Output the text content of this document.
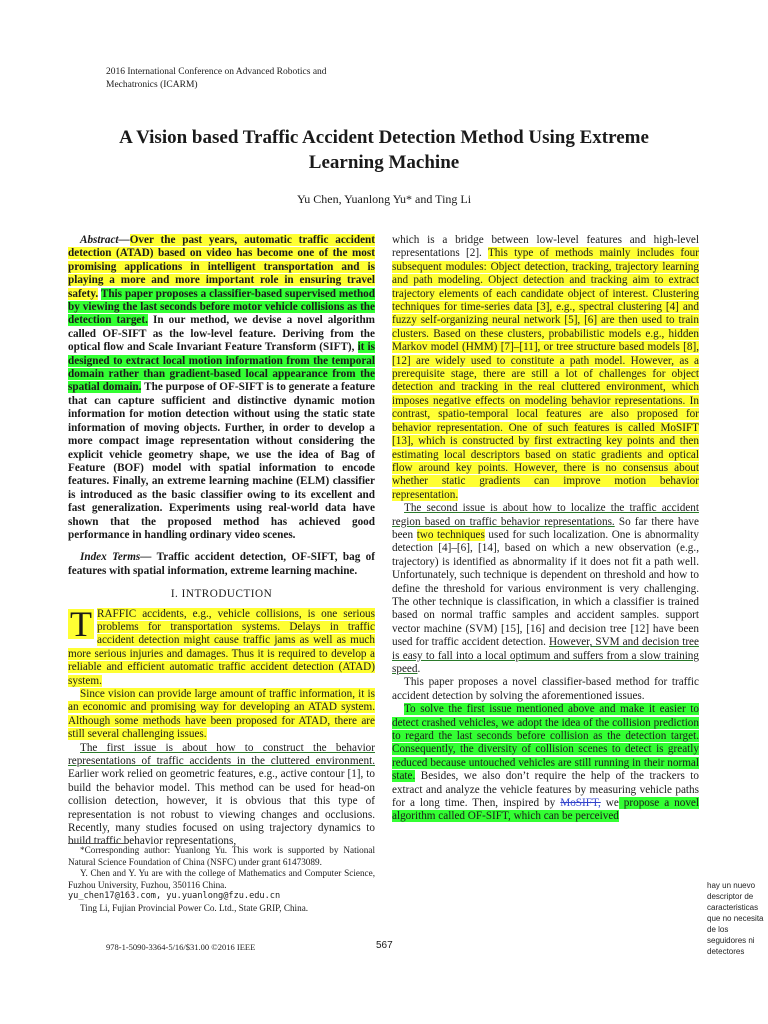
2016 International Conference on Advanced Robotics and
Mechatronics (ICARM)
A Vision based Traffic Accident Detection Method Using Extreme
Learning Machine
Yu Chen, Yuanlong Yu* and Ting Li

Abstract—Over the past years, automatic traffic accident detection (ATAD) based on video has become one of the most promising applications in intelligent transportation and is playing a more and more important role in ensuring travel safety. This paper proposes a classifier-based supervised method by viewing the last seconds before motor vehicle collisions as the detection target. In our method, we devise a novel algorithm called OF-SIFT as the low-level feature. Deriving from the optical flow and Scale Invariant Feature Transform (SIFT), it is designed to extract local motion information from the temporal domain rather than gradient-based local appearance from the spatial domain. The purpose of OF-SIFT is to generate a feature that can capture sufficient and distinctive dynamic motion information for motion detection without using the static state information of moving objects. Further, in order to develop a more compact image representation without considering the explicit vehicle geometry shape, we use the idea of Bag of Feature (BOF) model with spatial information to encode features. Finally, an extreme learning machine (ELM) classifier is introduced as the basic classifier owing to its excellent and fast generalization. Experiments using real-world data have shown that the proposed method has achieved good performance in handling ordinary video scenes.

Index Terms— Traffic accident detection, OF-SIFT, bag of features with spatial information, extreme learning machine.

I. INTRODUCTION

T RAFFIC accidents, e.g., vehicle collisions, is one serious problems for transportation systems. Delays in traffic accident detection might cause traffic jams as well as much more serious injuries and damages. Thus it is required to develop a reliable and efficient automatic traffic accident detection (ATAD) system.

Since vision can provide large amount of traffic information, it is an economic and promising way for developing an ATAD system. Although some methods have been proposed for ATAD, there are still several challenging issues.

The first issue is about how to construct the behavior representations of traffic accidents in the cluttered environment. Earlier work relied on geometric features, e.g., active contour [1], to build the behavior model. This method can be used for head-on collision detection, however, it is obvious that this type of representation is not robust to viewing changes and occlusions. Recently, many studies focused on using trajectory dynamics to build traffic behavior representations,

*Corresponding author: Yuanlong Yu. This work is supported by National Natural Science Foundation of China (NSFC) under grant 61473089.

Y. Chen and Y. Yu are with the college of Mathematics and Computer Science, Fuzhou University, Fuzhou, 350116 China.

yu_chen17@163.com, yu.yuanlong@fzu.edu.cn

Ting Li, Fujian Provincial Power Co. Ltd., State GRIP, China.

which is a bridge between low-level features and high-level representations [2]. This type of methods mainly includes four subsequent modules: Object detection, tracking, trajectory learning and path modeling. Object detection and tracking aim to extract trajectory elements of each candidate object of interest. Clustering techniques for time-series data [3], e.g., spectral clustering [4] and fuzzy self-organizing neural network [5], [6] are then used to train clusters. Based on these clusters, probabilistic models e.g., hidden Markov model (HMM) [7]–[11], or tree structure based models [8], [12] are widely used to constitute a path model. However, as a prerequisite stage, there are still a lot of challenges for object detection and tracking in the real cluttered environment, which imposes negative effects on modeling behavior representations. In contrast, spatio-temporal local features are also proposed for behavior representation. One of such features is called MoSIFT [13], which is constructed by first extracting key points and then estimating local descriptors based on static gradients and optical flow around key points. However, there is no consensus about whether static gradients can improve motion behavior representation.

The second issue is about how to localize the traffic accident region based on traffic behavior representations. So far there have been two techniques used for such localization. One is abnormality detection [4]–[6], [14], based on which a new observation (e.g., trajectory) is identified as abnormality if it does not fit a path well. Unfortunately, such technique is dependent on threshold and how to define the threshold for various environment is very challenging. The other technique is classification, in which a classifier is trained based on normal traffic samples and accident samples. support vector machine (SVM) [15], [16] and decision tree [12] have been used for traffic accident detection. However, SVM and decision tree is easy to fall into a local optimum and suffers from a slow training speed.

This paper proposes a novel classifier-based method for traffic accident detection by solving the aforementioned issues.

To solve the first issue mentioned above and make it easier to detect crashed vehicles, we adopt the idea of the collision prediction to regard the last seconds before collision as the detection target. Consequently, the diversity of collision scenes to detect is greatly reduced because untouched vehicles are still running in their normal state. Besides, we also don’t require the help of the trackers to extract and analyze the vehicle features by measuring vehicle paths for a long time. Then, inspired by MoSIFT, we propose a novel algorithm called OF-SIFT, which can be perceived

hay un nuevo descriptor de caracteristicas que no necesita de los seguidores ni detectores
978-1-5090-3364-5/16/$31.00 ©2016 IEEE	567
